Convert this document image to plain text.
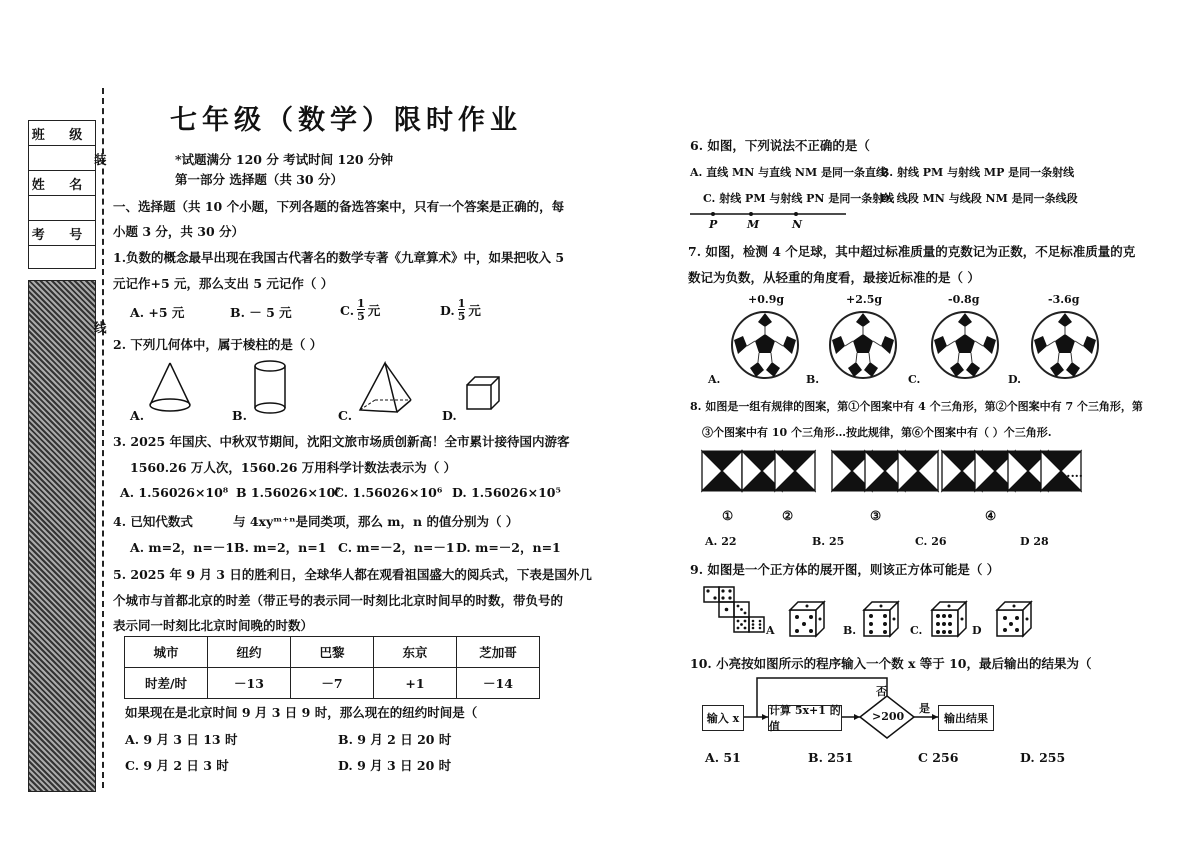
班 级
姓 名
考 号
装
线
七年级（数学）限时作业
*试题满分 120 分 考试时间 120 分钟
第一部分 选择题（共 30 分）
一、选择题（共 10 个小题，下列各题的备选答案中，只有一个答案是正确的，每
小题 3 分，共 30 分）
1.负数的概念最早出现在我国古代著名的数学专著《九章算术》中，如果把收入 5
元记作+5 元，那么支出 5 元记作（ ）
A. +5 元	B. － 5 元	C. $\frac{1}{5}$ 元	D. $\frac{1}{5}$ 元
2. 下列几何体中，属于棱柱的是（ ）
A.	B.	C.	D.
3. 2025 年国庆、中秋双节期间，沈阳文旅市场质创新高！全市累计接待国内游客
1560.26 万人次，1560.26 万用科学计数法表示为（ ）
A. 1.56026×10⁸ B 1.56026×10⁷
C. 1.56026×10⁶ D. 1.56026×10⁵
4. 已知代数式	与 4xyᵐ⁺ⁿ是同类项，那么 m，n 的值分别为（ ）
A. m=2，n=－1 B. m=2，n=1 C. m=－2，n=－1 D. m=－2，n=1
5. 2025 年 9 月 3 日的胜利日，全球华人都在观看祖国盛大的阅兵式，下表是国外几
个城市与首都北京的时差（带正号的表示同一时刻比北京时间早的时数，带负号的
表示同一时刻比北京时间晚的时数）
城市	纽约	巴黎	东京	芝加哥
时差/时	－13	－7	+1	－14
如果现在是北京时间 9 月 3 日 9 时，那么现在的纽约时间是（
A. 9 月 3 日 13 时	B. 9 月 2 日 20 时
C. 9 月 2 日 3 时	D. 9 月 3 日 20 时
6. 如图，下列说法不正确的是（
A. 直线 MN 与直线 NM 是同一条直线
B. 射线 PM 与射线 MP 是同一条射线
C. 射线 PM 与射线 PN 是同一条射线
D. 线段 MN 与线段 NM 是同一条线段
P	M	N
7. 如图，检测 4 个足球，其中超过标准质量的克数记为正数，不足标准质量的克
数记为负数，从轻重的角度看，最接近标准的是（ ）
+0.9g
A.
+2.5g
B.
-0.8g
C.
-3.6g
D.
8. 如图是一组有规律的图案，第①个图案中有 4 个三角形，第②个图案中有 7 个三角形，第
③个图案中有 10 个三角形…按此规律，第⑥个图案中有（ ）个三角形.
①	②	③	④
……
A. 22	B. 25	C. 26	D 28
9. 如图是一个正方体的展开图，则该正方体可能是（ ）
A	B.	C.	D
10. 小亮按如图所示的程序输入一个数 x 等于 10，最后输出的结果为（
输入 x
计算 5x+1 的值
>200
否
是
输出结果
A. 51	B. 251	C 256	D. 255
